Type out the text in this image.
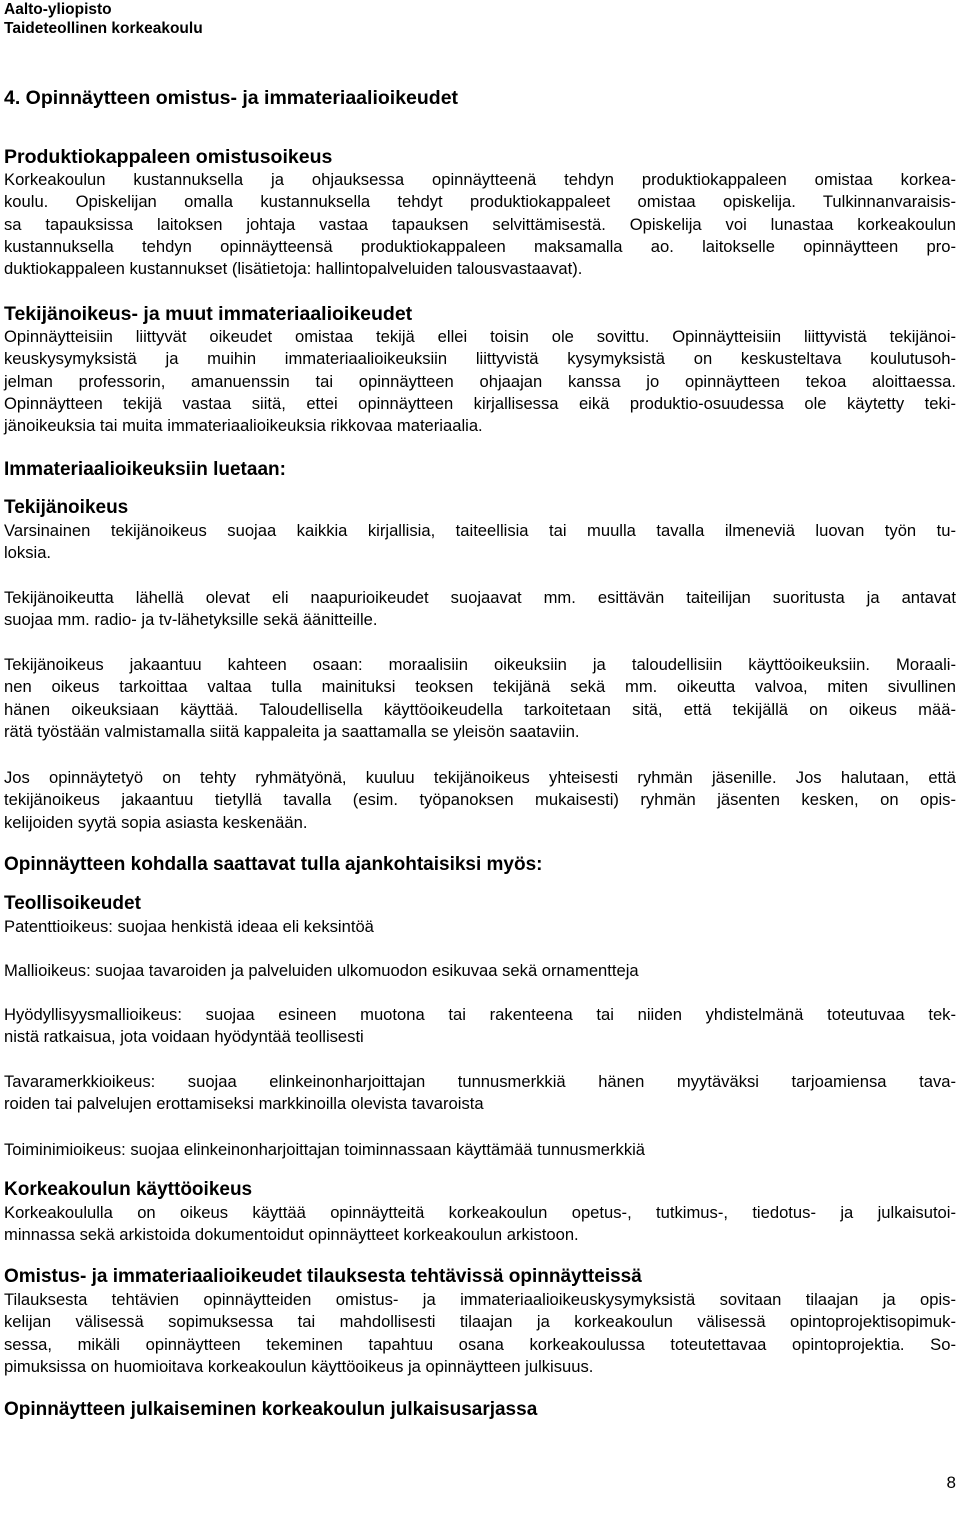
Aalto-yliopisto
Taideteollinen korkeakoulu
4. Opinnäytteen omistus- ja immateriaalioikeudet
Produktiokappaleen omistusoikeus
Korkeakoulun kustannuksella ja ohjauksessa opinnäytteenä tehdyn produktiokappaleen omistaa korkea-
koulu. Opiskelijan omalla kustannuksella tehdyt produktiokappaleet omistaa opiskelija. Tulkinnanvaraisis-
sa tapauksissa laitoksen johtaja vastaa tapauksen selvittämisestä. Opiskelija voi lunastaa korkeakoulun
kustannuksella tehdyn opinnäytteensä produktiokappaleen maksamalla ao. laitokselle opinnäytteen pro-
duktiokappaleen kustannukset (lisätietoja: hallintopalveluiden talousvastaavat).
Tekijänoikeus- ja muut immateriaalioikeudet
Opinnäytteisiin liittyvät oikeudet omistaa tekijä ellei toisin ole sovittu. Opinnäytteisiin liittyvistä tekijänoi-
keuskysymyksistä ja muihin immateriaalioikeuksiin liittyvistä kysymyksistä on keskusteltava koulutusoh-
jelman professorin, amanuenssin tai opinnäytteen ohjaajan kanssa jo opinnäytteen tekoa aloittaessa.
Opinnäytteen tekijä vastaa siitä, ettei opinnäytteen kirjallisessa eikä produktio-osuudessa ole käytetty teki-
jänoikeuksia tai muita immateriaalioikeuksia rikkovaa materiaalia.
Immateriaalioikeuksiin luetaan:
Tekijänoikeus
Varsinainen tekijänoikeus suojaa kaikkia kirjallisia, taiteellisia tai muulla tavalla ilmeneviä luovan työn tu-
loksia.
Tekijänoikeutta lähellä olevat eli naapurioikeudet suojaavat mm. esittävän taiteilijan suoritusta ja antavat
suojaa mm. radio- ja tv-lähetyksille sekä äänitteille.
Tekijänoikeus jakaantuu kahteen osaan: moraalisiin oikeuksiin ja taloudellisiin käyttöoikeuksiin. Moraali-
nen oikeus tarkoittaa valtaa tulla mainituksi teoksen tekijänä sekä mm. oikeutta valvoa, miten sivullinen
hänen oikeuksiaan käyttää. Taloudellisella käyttöoikeudella tarkoitetaan sitä, että tekijällä on oikeus mää-
rätä työstään valmistamalla siitä kappaleita ja saattamalla se yleisön saataviin.
Jos opinnäytetyö on tehty ryhmätyönä, kuuluu tekijänoikeus yhteisesti ryhmän jäsenille. Jos halutaan, että
tekijänoikeus jakaantuu tietyllä tavalla (esim. työpanoksen mukaisesti) ryhmän jäsenten kesken, on opis-
kelijoiden syytä sopia asiasta keskenään.
Opinnäytteen kohdalla saattavat tulla ajankohtaisiksi myös:
Teollisoikeudet
Patenttioikeus: suojaa henkistä ideaa eli keksintöä
Mallioikeus: suojaa tavaroiden ja palveluiden ulkomuodon esikuvaa sekä ornamentteja
Hyödyllisyysmallioikeus: suojaa esineen muotona tai rakenteena tai niiden yhdistelmänä toteutuvaa tek-
nistä ratkaisua, jota voidaan hyödyntää teollisesti
Tavaramerkkioikeus: suojaa elinkeinonharjoittajan tunnusmerkkiä hänen myytäväksi tarjoamiensa tava-
roiden tai palvelujen erottamiseksi markkinoilla olevista tavaroista
Toiminimioikeus: suojaa elinkeinonharjoittajan toiminnassaan käyttämää tunnusmerkkiä
Korkeakoulun käyttöoikeus
Korkeakoululla on oikeus käyttää opinnäytteitä korkeakoulun opetus-, tutkimus-, tiedotus- ja julkaisutoi-
minnassa sekä arkistoida dokumentoidut opinnäytteet korkeakoulun arkistoon.
Omistus- ja immateriaalioikeudet tilauksesta tehtävissä opinnäytteissä
Tilauksesta tehtävien opinnäytteiden omistus- ja immateriaalioikeuskysymyksistä sovitaan tilaajan ja opis-
kelijan välisessä sopimuksessa tai mahdollisesti tilaajan ja korkeakoulun välisessä opintoprojektisopimuk-
sessa, mikäli opinnäytteen tekeminen tapahtuu osana korkeakoulussa toteutettavaa opintoprojektia. So-
pimuksissa on huomioitava korkeakoulun käyttöoikeus ja opinnäytteen julkisuus.
Opinnäytteen julkaiseminen korkeakoulun julkaisusarjassa
8
